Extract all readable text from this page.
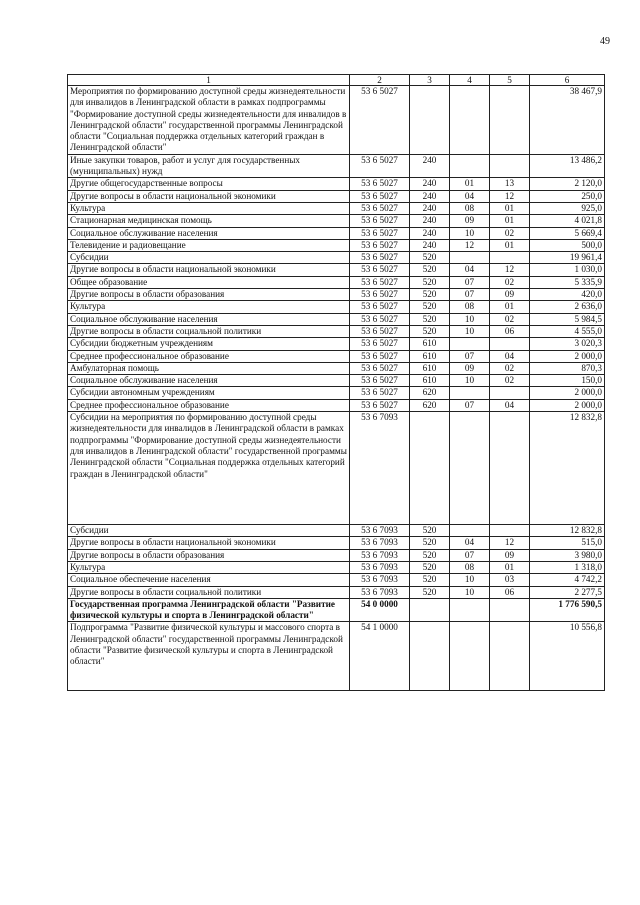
49
1	2	3	4	5	6
Мероприятия по формированию доступной среды жизнедеятельности для инвалидов в Ленинградской области в рамках подпрограммы "Формирование доступной среды жизнедеятельности для инвалидов в Ленинградской области" государственной программы Ленинградской области "Социальная поддержка отдельных категорий граждан в Ленинградской области"	53 6 5027				38 467,9
Иные закупки товаров, работ и услуг для государственных (муниципальных) нужд	53 6 5027	240			13 486,2
Другие общегосударственные вопросы	53 6 5027	240	01	13	2 120,0
Другие вопросы в области национальной экономики	53 6 5027	240	04	12	250,0
Культура	53 6 5027	240	08	01	925,0
Стационарная медицинская помощь	53 6 5027	240	09	01	4 021,8
Социальное обслуживание населения	53 6 5027	240	10	02	5 669,4
Телевидение и радиовещание	53 6 5027	240	12	01	500,0
Субсидии	53 6 5027	520			19 961,4
Другие вопросы в области национальной экономики	53 6 5027	520	04	12	1 030,0
Общее образование	53 6 5027	520	07	02	5 335,9
Другие вопросы в области образования	53 6 5027	520	07	09	420,0
Культура	53 6 5027	520	08	01	2 636,0
Социальное обслуживание населения	53 6 5027	520	10	02	5 984,5
Другие вопросы в области социальной политики	53 6 5027	520	10	06	4 555,0
Субсидии бюджетным учреждениям	53 6 5027	610			3 020,3
Среднее профессиональное образование	53 6 5027	610	07	04	2 000,0
Амбулаторная помощь	53 6 5027	610	09	02	870,3
Социальное обслуживание населения	53 6 5027	610	10	02	150,0
Субсидии автономным учреждениям	53 6 5027	620			2 000,0
Среднее профессиональное образование	53 6 5027	620	07	04	2 000,0
Субсидии на мероприятия по формированию доступной среды жизнедеятельности для инвалидов в Ленинградской области в рамках подпрограммы "Формирование доступной среды жизнедеятельности для инвалидов в Ленинградской области" государственной программы Ленинградской области "Социальная поддержка отдельных категорий граждан в Ленинградской области"	53 6 7093				12 832,8
Субсидии	53 6 7093	520			12 832,8
Другие вопросы в области национальной экономики	53 6 7093	520	04	12	515,0
Другие вопросы в области образования	53 6 7093	520	07	09	3 980,0
Культура	53 6 7093	520	08	01	1 318,0
Социальное обеспечение населения	53 6 7093	520	10	03	4 742,2
Другие вопросы в области социальной политики	53 6 7093	520	10	06	2 277,5
Государственная программа Ленинградской области "Развитие физической культуры и спорта в Ленинградской области"	54 0 0000				1 776 590,5
Подпрограмма "Развитие физической культуры и массового спорта в Ленинградской области" государственной программы Ленинградской области "Развитие физической культуры и спорта в Ленинградской области"	54 1 0000				10 556,8
